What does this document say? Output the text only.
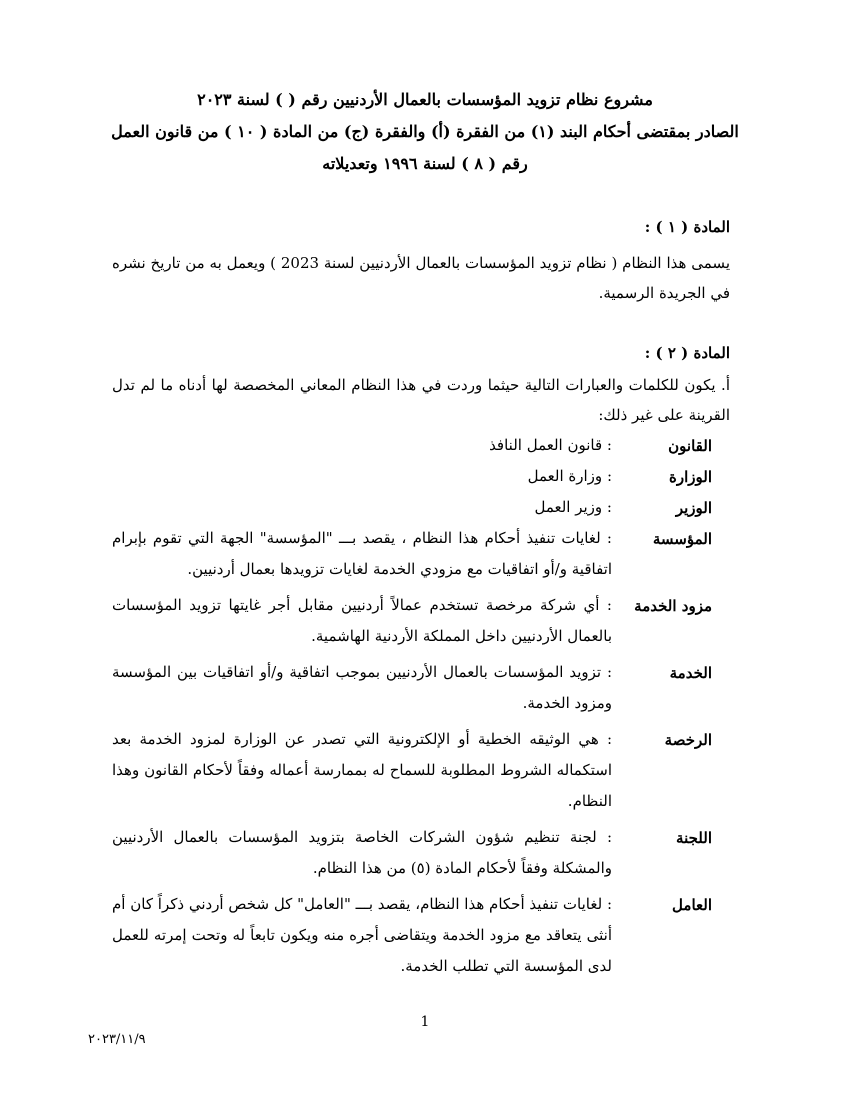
مشروع نظام تزويد المؤسسات بالعمال الأردنيين رقم ( ) لسنة ٢٠٢٣
الصادر بمقتضى أحكام البند (١) من الفقرة (أ) والفقرة (ج) من المادة ( ١٠ ) من قانون العمل
رقم ( ٨ ) لسنة ١٩٩٦ وتعديلاته
المادة ( ١ ) :
يسمى هذا النظام ( نظام تزويد المؤسسات بالعمال الأردنيين لسنة 2023 ) ويعمل به من تاريخ نشره في الجريدة الرسمية.
المادة ( ٢ ) :
أ. يكون للكلمات والعبارات التالية حيثما وردت في هذا النظام المعاني المخصصة لها أدناه ما لم تدل القرينة على غير ذلك:
القانون
: قانون العمل النافذ
الوزارة
: وزارة العمل
الوزير
: وزير العمل
المؤسسة
: لغايات تنفيذ أحكام هذا النظام ، يقصد بـــ "المؤسسة" الجهة التي تقوم بإبرام اتفاقية و/أو اتفاقيات مع مزودي الخدمة لغايات تزويدها بعمال أردنيين.
مزود الخدمة
: أي شركة مرخصة تستخدم عمالاً أردنيين مقابل أجر غايتها تزويد المؤسسات بالعمال الأردنيين داخل المملكة الأردنية الهاشمية.
الخدمة
: تزويد المؤسسات بالعمال الأردنيين بموجب اتفاقية و/أو اتفاقيات بين المؤسسة ومزود الخدمة.
الرخصة
: هي الوثيقه الخطية أو الإلكترونية التي تصدر عن الوزارة لمزود الخدمة بعد استكماله الشروط المطلوبة للسماح له بممارسة أعماله وفقاً لأحكام القانون وهذا النظام.
اللجنة
: لجنة تنظيم شؤون الشركات الخاصة بتزويد المؤسسات بالعمال الأردنيين والمشكلة وفقاً لأحكام المادة (٥) من هذا النظام.
العامل
: لغايات تنفيذ أحكام هذا النظام، يقصد بـــ "العامل" كل شخص أردني ذكراً كان أم أنثى يتعاقد مع مزود الخدمة ويتقاضى أجره منه ويكون تابعاً له وتحت إمرته للعمل لدى المؤسسة التي تطلب الخدمة.
1
٢٠٢٣/١١/٩
